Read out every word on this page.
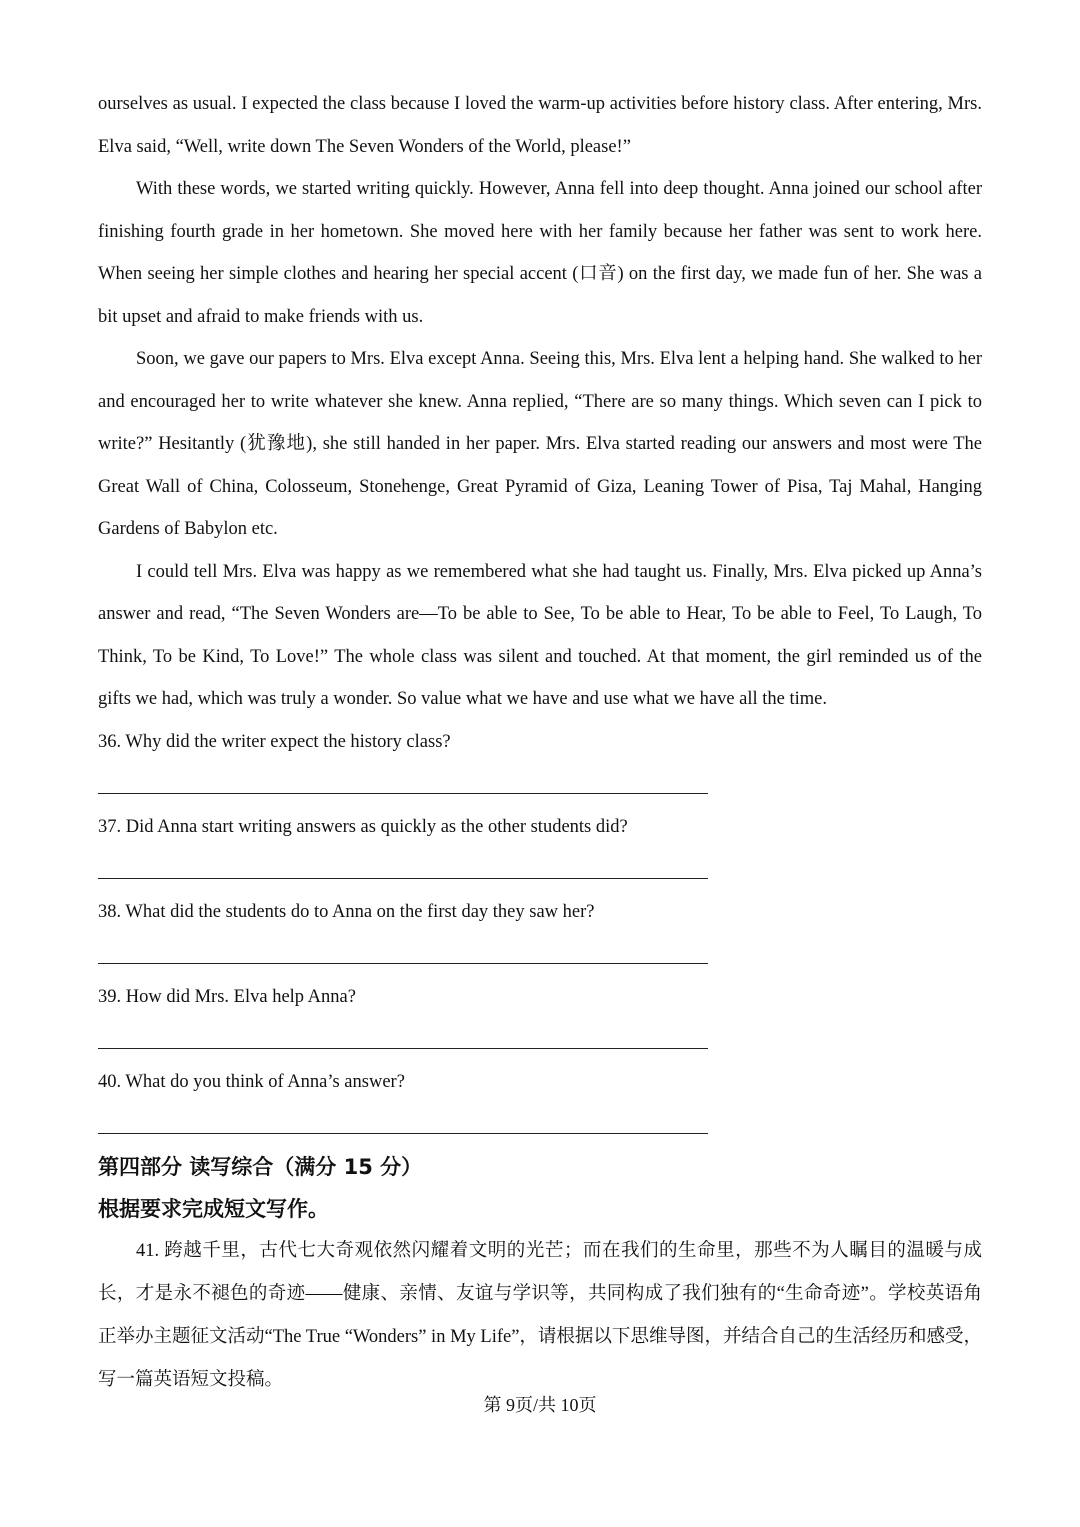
ourselves as usual. I expected the class because I loved the warm-up activities before history class. After entering, Mrs. Elva said, “Well, write down The Seven Wonders of the World, please!”

With these words, we started writing quickly. However, Anna fell into deep thought. Anna joined our school after finishing fourth grade in her hometown. She moved here with her family because her father was sent to work here. When seeing her simple clothes and hearing her special accent (口音) on the first day, we made fun of her. She was a bit upset and afraid to make friends with us.

Soon, we gave our papers to Mrs. Elva except Anna. Seeing this, Mrs. Elva lent a helping hand. She walked to her and encouraged her to write whatever she knew. Anna replied, “There are so many things. Which seven can I pick to write?” Hesitantly (犹豫地), she still handed in her paper. Mrs. Elva started reading our answers and most were The Great Wall of China, Colosseum, Stonehenge, Great Pyramid of Giza, Leaning Tower of Pisa, Taj Mahal, Hanging Gardens of Babylon etc.

I could tell Mrs. Elva was happy as we remembered what she had taught us. Finally, Mrs. Elva picked up Anna’s answer and read, “The Seven Wonders are—To be able to See, To be able to Hear, To be able to Feel, To Laugh, To Think, To be Kind, To Love!” The whole class was silent and touched. At that moment, the girl reminded us of the gifts we had, which was truly a wonder. So value what we have and use what we have all the time.

36. Why did the writer expect the history class?

37. Did Anna start writing answers as quickly as the other students did?

38. What did the students do to Anna on the first day they saw her?

39. How did Mrs. Elva help Anna?

40. What do you think of Anna’s answer?

第四部分 读写综合（满分 15 分）

根据要求完成短文写作。

41. 跨越千里，古代七大奇观依然闪耀着文明的光芒；而在我们的生命里，那些不为人瞩目的温暖与成长，才是永不褪色的奇迹——健康、亲情、友谊与学识等，共同构成了我们独有的“生命奇迹”。学校英语角正举办主题征文活动“The True “Wonders” in My Life”，请根据以下思维导图，并结合自己的生活经历和感受，写一篇英语短文投稿。

第 9页/共 10页
